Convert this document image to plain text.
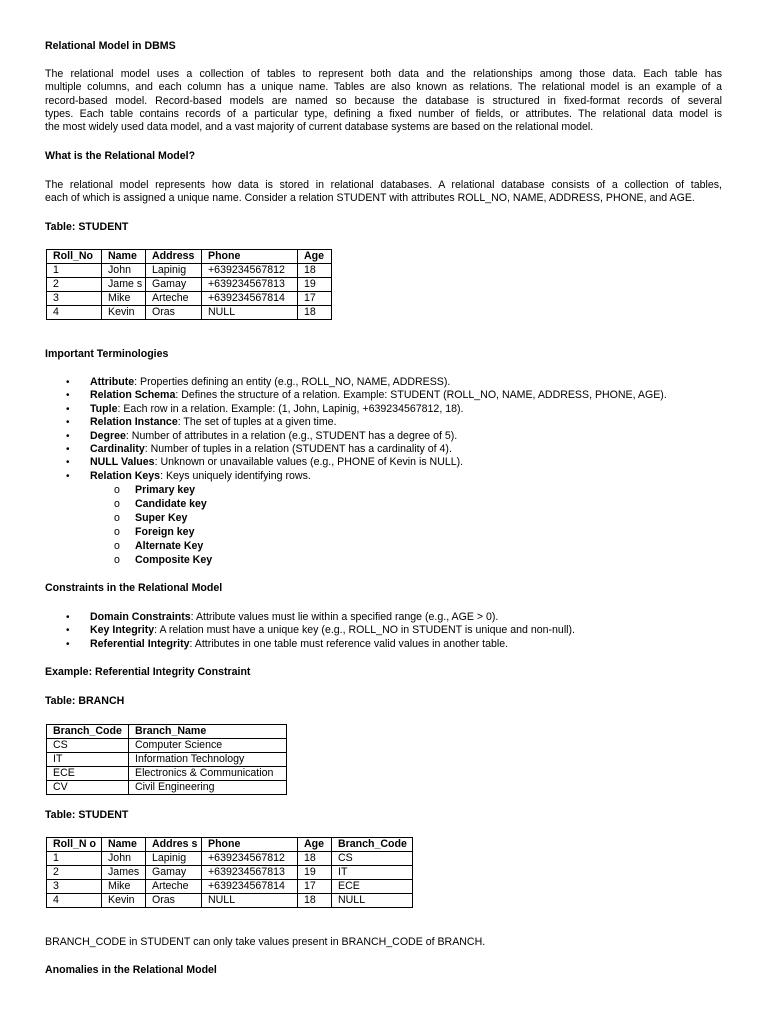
Relational Model in DBMS
The relational model uses a collection of tables to represent both data and the relationships among those data. Each table has
multiple columns, and each column has a unique name. Tables are also known as relations. The relational model is an example of a
record-based model. Record-based models are named so because the database is structured in fixed-format records of several
types. Each table contains records of a particular type, defining a fixed number of fields, or attributes. The relational data model is
the most widely used data model, and a vast majority of current database systems are based on the relational model.
What is the Relational Model?
The relational model represents how data is stored in relational databases. A relational database consists of a collection of tables,
each of which is assigned a unique name. Consider a relation STUDENT with attributes ROLL_NO, NAME, ADDRESS, PHONE, and AGE.
Table: STUDENT
Roll_No	Name	Address	Phone	Age
1	John	Lapinig	+639234567812	18
2	Jame s	Gamay	+639234567813	19
3	Mike	Arteche	+639234567814	17
4	Kevin	Oras	NULL	18
Important Terminologies
• Attribute: Properties defining an entity (e.g., ROLL_NO, NAME, ADDRESS).
• Relation Schema: Defines the structure of a relation. Example: STUDENT (ROLL_NO, NAME, ADDRESS, PHONE, AGE).
• Tuple: Each row in a relation. Example: (1, John, Lapinig, +639234567812, 18).
• Relation Instance: The set of tuples at a given time.
• Degree: Number of attributes in a relation (e.g., STUDENT has a degree of 5).
• Cardinality: Number of tuples in a relation (STUDENT has a cardinality of 4).
• NULL Values: Unknown or unavailable values (e.g., PHONE of Kevin is NULL).
• Relation Keys: Keys uniquely identifying rows.
o Primary key
o Candidate key
o Super Key
o Foreign key
o Alternate Key
o Composite Key
Constraints in the Relational Model
• Domain Constraints: Attribute values must lie within a specified range (e.g., AGE > 0).
• Key Integrity: A relation must have a unique key (e.g., ROLL_NO in STUDENT is unique and non-null).
• Referential Integrity: Attributes in one table must reference valid values in another table.
Example: Referential Integrity Constraint
Table: BRANCH
Branch_Code	Branch_Name
CS	Computer Science
IT	Information Technology
ECE	Electronics & Communication
CV	Civil Engineering
Table: STUDENT
Roll_N o	Name	Addres s	Phone	Age	Branch_Code
1	John	Lapinig	+639234567812	18	CS
2	James	Gamay	+639234567813	19	IT
3	Mike	Arteche	+639234567814	17	ECE
4	Kevin	Oras	NULL	18	NULL
BRANCH_CODE in STUDENT can only take values present in BRANCH_CODE of BRANCH.
Anomalies in the Relational Model
